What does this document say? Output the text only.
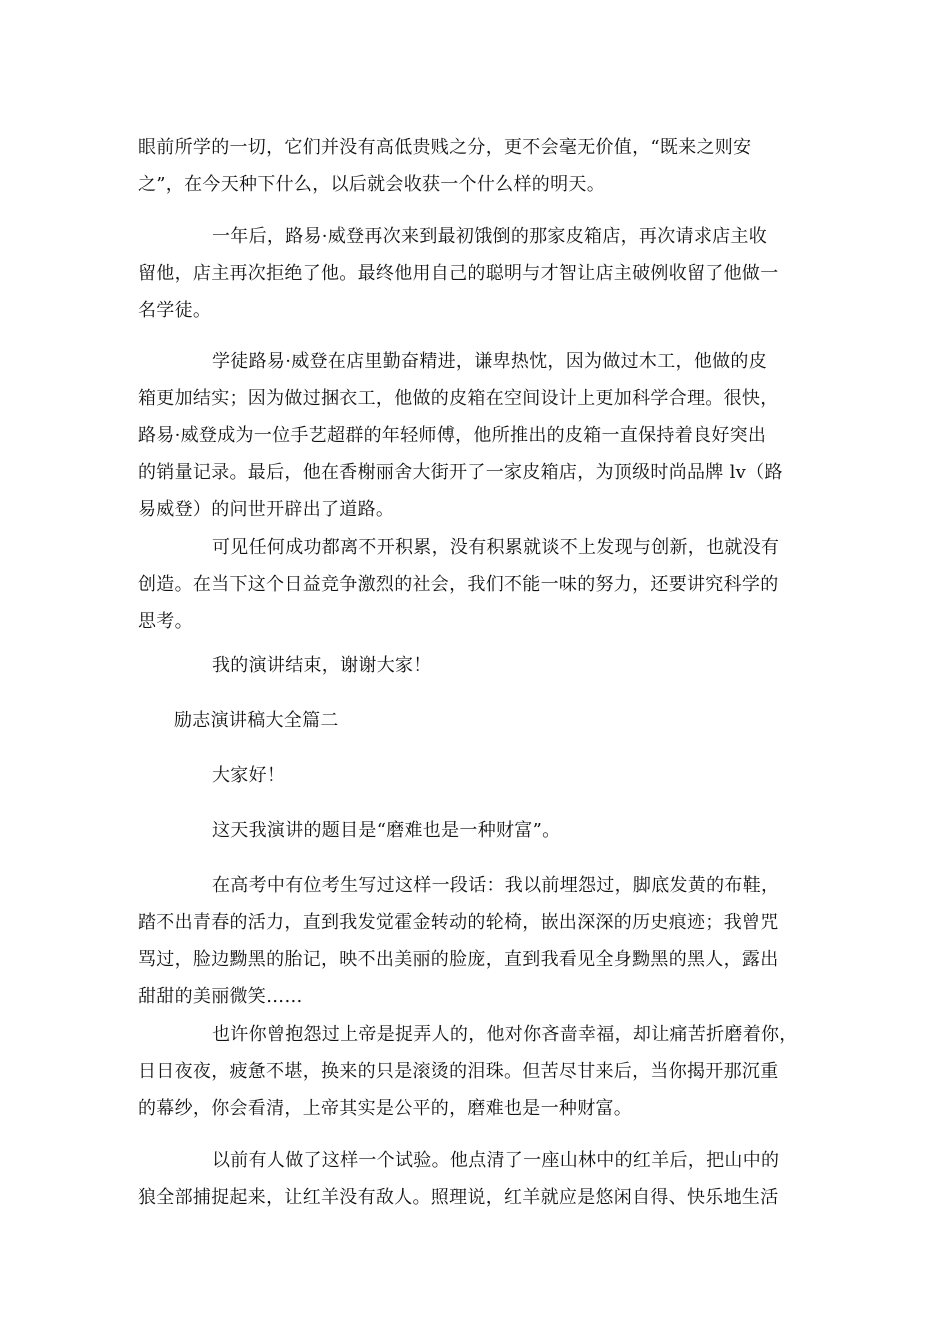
眼前所学的一切，它们并没有高低贵贱之分，更不会毫无价值，“既来之则安
之”，在今天种下什么，以后就会收获一个什么样的明天。

一年后，路易·威登再次来到最初饿倒的那家皮箱店，再次请求店主收
留他，店主再次拒绝了他。最终他用自己的聪明与才智让店主破例收留了他做一
名学徒。

学徒路易·威登在店里勤奋精进，谦卑热忱，因为做过木工，他做的皮
箱更加结实；因为做过捆衣工，他做的皮箱在空间设计上更加科学合理。很快，
路易·威登成为一位手艺超群的年轻师傅，他所推出的皮箱一直保持着良好突出
的销量记录。最后，他在香榭丽舍大街开了一家皮箱店，为顶级时尚品牌 lv（路
易威登）的问世开辟出了道路。

可见任何成功都离不开积累，没有积累就谈不上发现与创新，也就没有
创造。在当下这个日益竞争激烈的社会，我们不能一味的努力，还要讲究科学的
思考。

我的演讲结束，谢谢大家！

励志演讲稿大全篇二

大家好！

这天我演讲的题目是“磨难也是一种财富”。

在高考中有位考生写过这样一段话：我以前埋怨过，脚底发黄的布鞋，
踏不出青春的活力，直到我发觉霍金转动的轮椅，嵌出深深的历史痕迹；我曾咒
骂过，脸边黝黑的胎记，映不出美丽的脸庞，直到我看见全身黝黑的黑人，露出
甜甜的美丽微笑……

也许你曾抱怨过上帝是捉弄人的，他对你吝啬幸福，却让痛苦折磨着你，
日日夜夜，疲惫不堪，换来的只是滚烫的泪珠。但苦尽甘来后，当你揭开那沉重
的幕纱，你会看清，上帝其实是公平的，磨难也是一种财富。

以前有人做了这样一个试验。他点清了一座山林中的红羊后，把山中的
狼全部捕捉起来，让红羊没有敌人。照理说，红羊就应是悠闲自得、快乐地生活
